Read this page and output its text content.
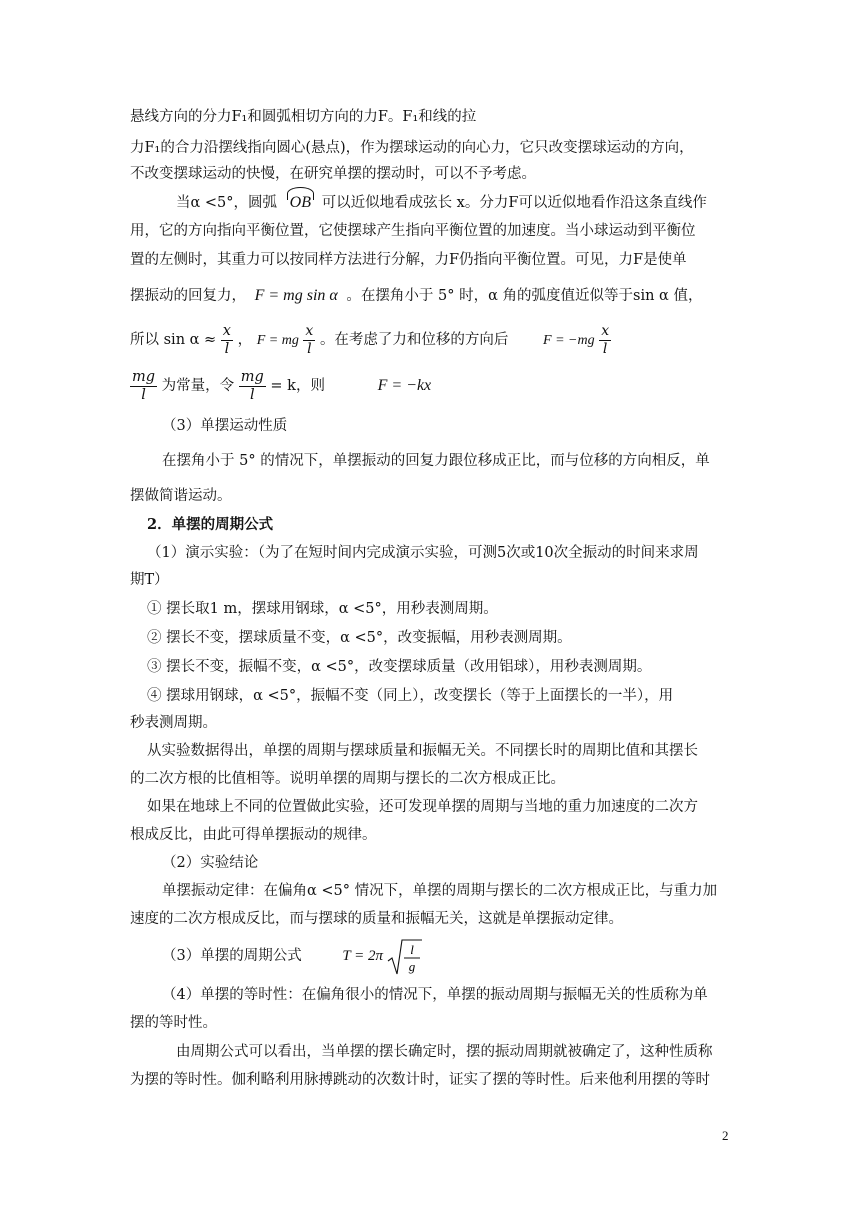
悬线方向的分力F₁和圆弧相切方向的力F。F₁和线的拉
力F₁的合力沿摆线指向圆心(悬点)，作为摆球运动的向心力，它只改变摆球运动的方向，
不改变摆球运动的快慢，在研究单摆的摆动时，可以不予考虑。
当α <5°，圆弧 OB 可以近似地看成弦长 x。分力F可以近似地看作沿这条直线作
用，它的方向指向平衡位置，它使摆球产生指向平衡位置的加速度。当小球运动到平衡位
置的左侧时，其重力可以按同样方法进行分解，力F仍指向平衡位置。可见，力F是使单
摆振动的回复力， F = mg sin α 。在摆角小于 5° 时，α 角的弧度值近似等于sin α 值，
所以 $\sin \alpha \approx \frac{x}{l}$ ， F = mg $\frac{x}{l}$ 。在考虑了力和位移的方向后 $F = -mg \frac{x}{l}$
$\frac{mg}{l}$ 为常量，令 $\frac{mg}{l} = k$，则	F = −kx
（3）单摆运动性质
在摆角小于 5° 的情况下，单摆振动的回复力跟位移成正比，而与位移的方向相反，单
摆做简谐运动。
2．单摆的周期公式
（1）演示实验：（为了在短时间内完成演示实验，可测5次或10次全振动的时间来求周
期T）
① 摆长取1 m，摆球用钢球，α <5°，用秒表测周期。
② 摆长不变，摆球质量不变，α <5°，改变振幅，用秒表测周期。
③ 摆长不变，振幅不变，α <5°，改变摆球质量（改用铝球），用秒表测周期。
④ 摆球用钢球，α <5°，振幅不变（同上），改变摆长（等于上面摆长的一半），用
秒表测周期。
从实验数据得出，单摆的周期与摆球质量和振幅无关。不同摆长时的周期比值和其摆长
的二次方根的比值相等。说明单摆的周期与摆长的二次方根成正比。
如果在地球上不同的位置做此实验，还可发现单摆的周期与当地的重力加速度的二次方
根成反比，由此可得单摆振动的规律。
（2）实验结论
单摆振动定律：在偏角α <5° 情况下，单摆的周期与摆长的二次方根成正比，与重力加
速度的二次方根成反比，而与摆球的质量和振幅无关，这就是单摆振动定律。
（3）单摆的周期公式	T = 2π l
g
（4）单摆的等时性：在偏角很小的情况下，单摆的振动周期与振幅无关的性质称为单
摆的等时性。
由周期公式可以看出，当单摆的摆长确定时，摆的振动周期就被确定了，这种性质称
为摆的等时性。伽利略利用脉搏跳动的次数计时，证实了摆的等时性。后来他利用摆的等时
2
